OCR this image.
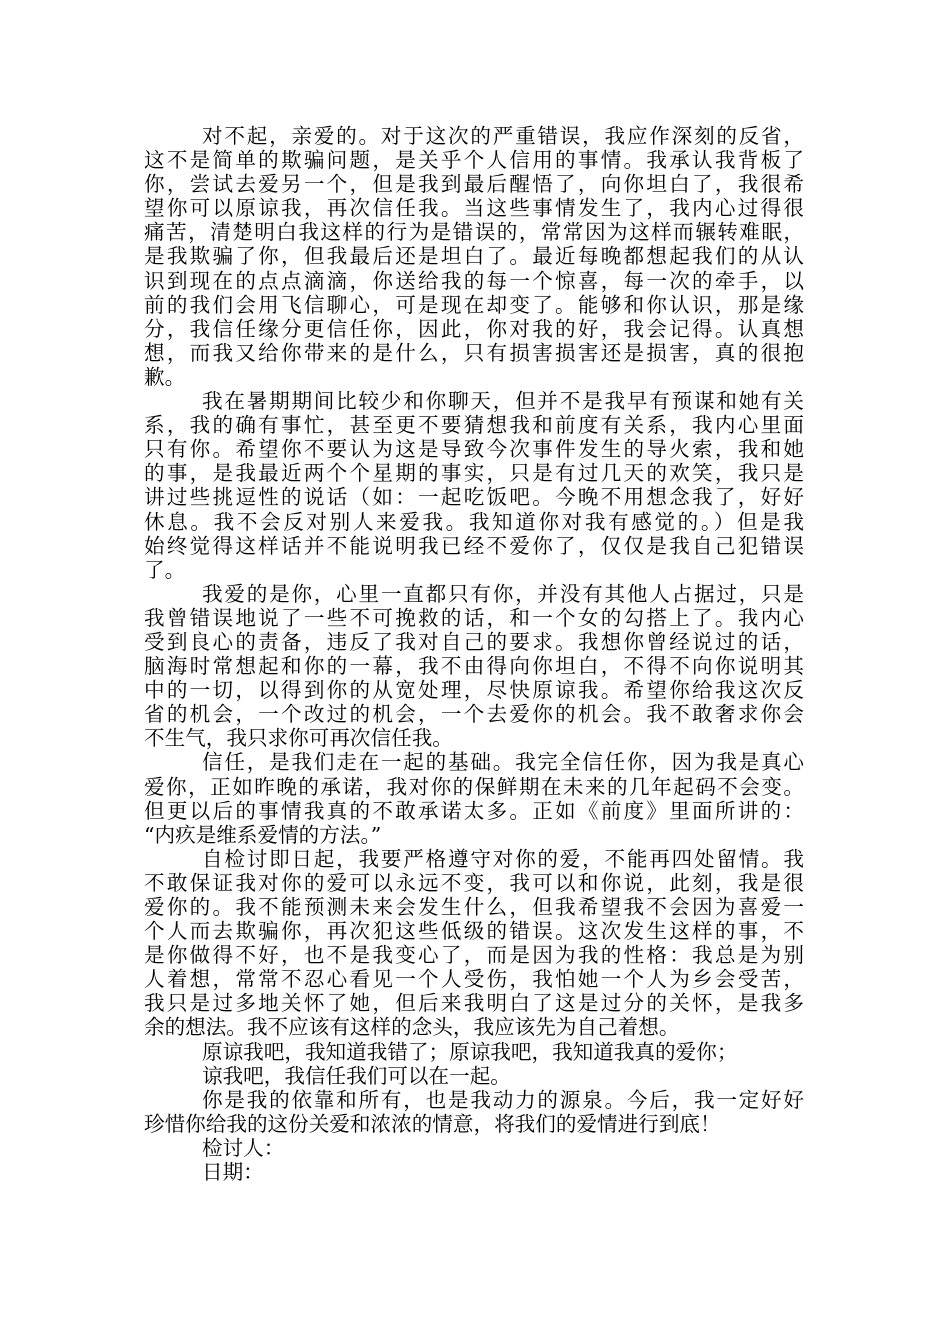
对不起，亲爱的。对于这次的严重错误，我应作深刻的反省，
这不是简单的欺骗问题，是关乎个人信用的事情。我承认我背板了
你，尝试去爱另一个，但是我到最后醒悟了，向你坦白了，我很希
望你可以原谅我，再次信任我。当这些事情发生了，我内心过得很
痛苦，清楚明白我这样的行为是错误的，常常因为这样而辗转难眠，
是我欺骗了你，但我最后还是坦白了。最近每晚都想起我们的从认
识到现在的点点滴滴，你送给我的每一个惊喜，每一次的牵手，以
前的我们会用飞信聊心，可是现在却变了。能够和你认识，那是缘
分，我信任缘分更信任你，因此，你对我的好，我会记得。认真想
想，而我又给你带来的是什么，只有损害损害还是损害，真的很抱
歉。
我在暑期期间比较少和你聊天，但并不是我早有预谋和她有关
系，我的确有事忙，甚至更不要猜想我和前度有关系，我内心里面
只有你。希望你不要认为这是导致今次事件发生的导火索，我和她
的事，是我最近两个个星期的事实，只是有过几天的欢笑，我只是
讲过些挑逗性的说话（如：一起吃饭吧。今晚不用想念我了，好好
休息。我不会反对别人来爱我。我知道你对我有感觉的。）但是我
始终觉得这样话并不能说明我已经不爱你了，仅仅是我自己犯错误
了。
我爱的是你，心里一直都只有你，并没有其他人占据过，只是
我曾错误地说了一些不可挽救的话，和一个女的勾搭上了。我内心
受到良心的责备，违反了我对自己的要求。我想你曾经说过的话，
脑海时常想起和你的一幕，我不由得向你坦白，不得不向你说明其
中的一切，以得到你的从宽处理，尽快原谅我。希望你给我这次反
省的机会，一个改过的机会，一个去爱你的机会。我不敢奢求你会
不生气，我只求你可再次信任我。
信任，是我们走在一起的基础。我完全信任你，因为我是真心
爱你，正如昨晚的承诺，我对你的保鲜期在未来的几年起码不会变。
但更以后的事情我真的不敢承诺太多。正如《前度》里面所讲的：
“内疚是维系爱情的方法。”
自检讨即日起，我要严格遵守对你的爱，不能再四处留情。我
不敢保证我对你的爱可以永远不变，我可以和你说，此刻，我是很
爱你的。我不能预测未来会发生什么，但我希望我不会因为喜爱一
个人而去欺骗你，再次犯这些低级的错误。这次发生这样的事，不
是你做得不好，也不是我变心了，而是因为我的性格：我总是为别
人着想，常常不忍心看见一个人受伤，我怕她一个人为乡会受苦，
我只是过多地关怀了她，但后来我明白了这是过分的关怀，是我多
余的想法。我不应该有这样的念头，我应该先为自己着想。
原谅我吧，我知道我错了；原谅我吧，我知道我真的爱你；
谅我吧，我信任我们可以在一起。
你是我的依靠和所有，也是我动力的源泉。今后，我一定好好
珍惜你给我的这份关爱和浓浓的情意，将我们的爱情进行到底！
检讨人：
日期：
